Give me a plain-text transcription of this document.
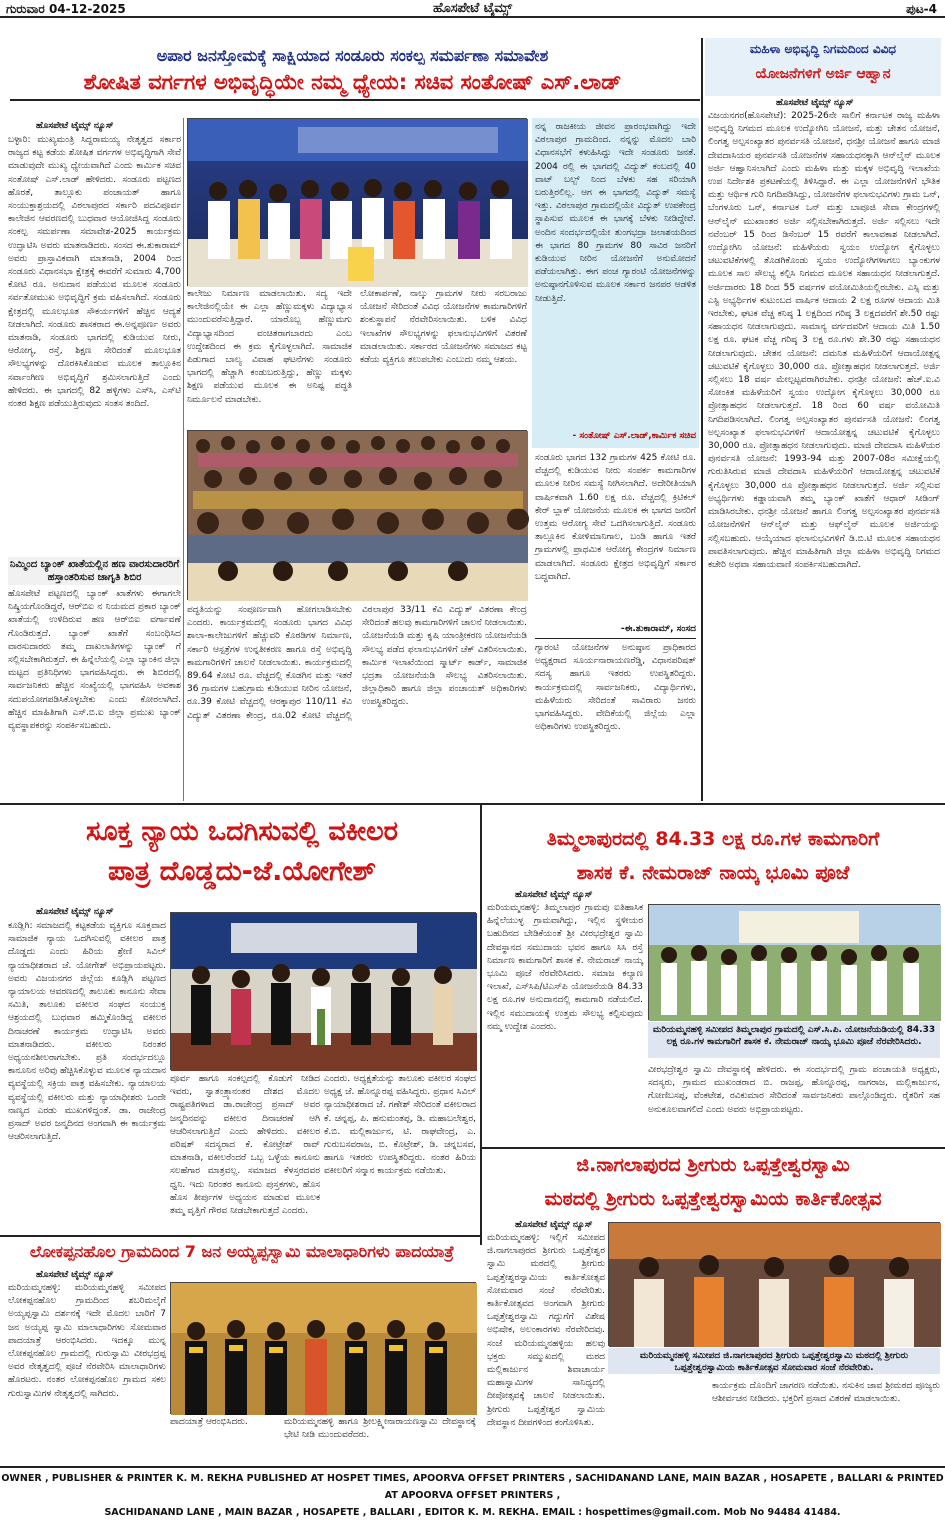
ಹೊಸಪೇಟೆ ಟೈಮ್ಸ್
ಗುರುವಾರ 04-12-2025	ಪುಟ-4
ಅಪಾರ ಜನಸ್ತೋಮಕ್ಕೆ ಸಾಕ್ಷಿಯಾದ ಸಂಡೂರು ಸಂಕಲ್ಪ ಸಮರ್ಪಣಾ ಸಮಾವೇಶ
ಶೋಷಿತ ವರ್ಗಗಳ ಅಭಿವೃದ್ಧಿಯೇ ನಮ್ಮ ಧ್ಯೇಯ: ಸಚಿವ ಸಂತೋಷ್ ಎಸ್.ಲಾಡ್
ಹೊಸಪೇಟೆ ಟೈಮ್ಸ್ ನ್ಯೂಸ್
ಬಳ್ಳಾರಿ: ಮುಖ್ಯಮಂತ್ರಿ ಸಿದ್ದರಾಮಯ್ಯ ನೇತೃತ್ವದ ಸರ್ಕಾರ ರಾಜ್ಯದ ಕಟ್ಟ ಕಡೆಯ ಶೋಷಿತ ವರ್ಗಗಳ ಅಭಿವೃದ್ಧಿಗಾಗಿ ಸೇವೆ ಮಾಡುವುದೇ ಮುಖ್ಯ ಧ್ಯೇಯವಾಗಿದೆ ಎಂದು ಕಾರ್ಮಿಕ ಸಚಿವ ಸಂತೋಷ್ ಎಸ್.ಲಾಡ್ ಹೇಳಿದರು. ಸಂಡೂರು ಪಟ್ಟಣದ ಹೊರತೆ, ತಾಲ್ಲೂಕು ಪಂಚಾಯತ್ ಹಾಗೂ ಸಂಯುಕ್ತಾಶ್ರಯದಲ್ಲಿ ವಿಠಲಾಪುರದ ಸರ್ಕಾರಿ ಪದವಿಪೂರ್ವ ಕಾಲೇಜಿನ ಆವರಣದಲ್ಲಿ ಬುಧವಾರ ಆಯೋಜಿಸಿದ್ದ ಸಂಡೂರು ಸಂಕಲ್ಪ ಸಮರ್ಪಣಾ ಸಮಾವೇಶ-2025 ಕಾರ್ಯಕ್ರಮ ಉದ್ಘಾಟಿಸಿ ಅವರು ಮಾತನಾಡಿದರು. ಸಂಸದ ಈ.ತುಕಾರಾಮ್ ಅವರು ಪ್ರಾಸ್ತಾವಿಕವಾಗಿ ಮಾತನಾಡಿ, 2004 ರಿಂದ ಸಂಡೂರು ವಿಧಾನಸಭಾ ಕ್ಷೇತ್ರಕ್ಕೆ ಈವರೆಗೆ ಸುಮಾರು 4,700 ಕೋಟಿ ರೂ. ಅನುದಾನ ಪಡೆಯುವ ಮೂಲಕ ಸಂಡೂರು ಸರ್ವತೋಮುಖ ಅಭಿವೃದ್ಧಿಗೆ ಕ್ರಮ ವಹಿಸಲಾಗಿದೆ. ಸಂಡೂರು ಕ್ಷೇತ್ರದಲ್ಲಿ ಮೂಲಭೂತ ಸೌಕರ್ಯಗಳಿಗೆ ಹೆಚ್ಚಿನ ಆದ್ಯತೆ ನೀಡಲಾಗಿದೆ. ಸಂಡೂರು ಶಾಸಕರಾದ ಈ.ಅನ್ನಪೂರ್ಣ ಅವರು ಮಾತನಾಡಿ, ಸಂಡೂರು ಭಾಗದಲ್ಲಿ ಕುಡಿಯುವ ನೀರು, ಆರೋಗ್ಯ, ರಸ್ತೆ, ಶಿಕ್ಷಣ ಸೇರಿದಂತೆ ಮೂಲಭೂತ ಸೌಲಭ್ಯಗಳನ್ನು ದೊರಕಿಸಿಕೊಡುವ ಮೂಲಕ ತಾಲ್ಲೂಕಿನ ಸರ್ವಾಂಗೀಣ ಅಭಿವೃದ್ಧಿಗೆ ಶ್ರಮಿಸಲಾಗುತ್ತಿದೆ ಎಂದು ಹೇಳಿದರು. ಈ ಭಾಗದಲ್ಲಿ 82 ಹಳ್ಳಿಗಳು ಎಸ್‍ಸಿ, ಎಸ್‍ಟಿ ನಂತರ ಶಿಕ್ಷಣ ಪಡೆಯುತ್ತಿರುವುದು ಸಂತಸ ತಂದಿದೆ.
ಕಾಲೇಜು ನಿರ್ಮಾಣ ಮಾಡಲಾಯಿತು. ಸದ್ಯ ಇದೇ ಕಾಲೇಜಿನಲ್ಲಿಯೇ ಈ ಎಲ್ಲಾ ಹೆಣ್ಣುಮಕ್ಕಳು ವಿದ್ಯಾಭ್ಯಾಸ ಮುಂದುವರೆಸುತ್ತಿದ್ದಾರೆ. ಯಾರೊಬ್ಬ ಹೆಣ್ಣುಮಗು ವಿದ್ಯಾಭ್ಯಾಸದಿಂದ ವಂಚಿತರಾಗಬಾರದು ಎಂಬ ಉದ್ದೇಶದಿಂದ ಈ ಕ್ರಮ ಕೈಗೊಳ್ಳಲಾಗಿದೆ. ಸಾಮಾಜಿಕ ಪಿಡುಗಾದ ಬಾಲ್ಯ ವಿವಾಹ ಘಟನೆಗಳು ಸಂಡೂರು ಭಾಗದಲ್ಲಿ ಹೆಚ್ಚಾಗಿ ಕಂಡುಬರುತ್ತಿದ್ದು, ಹೆಣ್ಣು ಮಕ್ಕಳು ಶಿಕ್ಷಣ ಪಡೆಯುವ ಮೂಲಕ ಈ ಅನಿಷ್ಟ ಪದ್ಧತಿ ನಿರ್ಮೂಲನೆ ಮಾಡಬೇಕು.
ಲೋಕಾರ್ಪಣೆ, ನಾಲ್ಕು ಗ್ರಾಮಗಳ ನೀರು ಸರಬರಾಜು ಯೋಜನೆ ಸೇರಿದಂತೆ ವಿವಿಧ ಯೋಜನೆಗಳ ಕಾಮಗಾರಿಗಳಿಗೆ ಶಂಕುಸ್ಥಾಪನೆ ನೆರವೇರಿಸಲಾಯಿತು. ಬಳಿಕ ವಿವಿಧ ಇಲಾಖೆಗಳ ಸೌಲಭ್ಯಗಳನ್ನು ಫಲಾನುಭವಿಗಳಿಗೆ ವಿತರಣೆ ಮಾಡಲಾಯಿತು. ಸರ್ಕಾರದ ಯೋಜನೆಗಳು ಸಮಾಜದ ಕಟ್ಟ ಕಡೆಯ ವ್ಯಕ್ತಿಗೂ ತಲುಪಬೇಕು ಎಂಬುದು ನಮ್ಮ ಆಶಯ.
ಪದ್ಧತಿಯನ್ನು ಸಂಪೂರ್ಣವಾಗಿ ಹೋಗಲಾಡಿಸಬೇಕು ಎಂದರು. ಕಾರ್ಯಕ್ರಮದಲ್ಲಿ ಸಂಡೂರು ಭಾಗದ ವಿವಿಧ ಶಾಲಾ-ಕಾಲೇಜುಗಳಿಗೆ ಹೆಚ್ಚುವರಿ ಕೊಠಡಿಗಳ ನಿರ್ಮಾಣ, ಸರ್ಕಾರಿ ಆಸ್ಪತ್ರೆಗಳ ಉನ್ನತೀಕರಣ ಹಾಗೂ ರಸ್ತೆ ಅಭಿವೃದ್ಧಿ ಕಾಮಗಾರಿಗಳಿಗೆ ಚಾಲನೆ ನೀಡಲಾಯಿತು. ಕಾರ್ಯಕ್ರಮದಲ್ಲಿ 89.64 ಕೋಟಿ ರೂ. ವೆಚ್ಚದಲ್ಲಿ ಕೊಡಗಿನ ಮತ್ತು ಇತರೆ 36 ಗ್ರಾಮಗಳ ಬಹುಗ್ರಾಮ ಕುಡಿಯುವ ನೀರಿನ ಯೋಜನೆ, ರೂ.39 ಕೋಟಿ ವೆಚ್ಚದಲ್ಲಿ ಆರಕ್ಕಾಪುರ 110/11 ಕೆವಿ ವಿದ್ಯುತ್ ವಿತರಣಾ ಕೇಂದ್ರ, ರೂ.02 ಕೋಟಿ ವೆಚ್ಚದಲ್ಲಿ ವಿಠಲಾಪುರ 33/11 ಕೆವಿ ವಿದ್ಯುತ್ ವಿತರಣಾ ಕೇಂದ್ರ ಸೇರಿದಂತೆ ಹಲವು ಕಾಮಗಾರಿಗಳಿಗೆ ಚಾಲನೆ ನೀಡಲಾಯಿತು. ಯೋಜನೆಯಡಿ ಮತ್ತು ಕೃಷಿ ಯಾಂತ್ರೀಕರಣ ಯೋಜನೆಯಡಿ ಸೌಲಭ್ಯ ಪಡೆದ ಫಲಾನುಭವಿಗಳಿಗೆ ಚೆಕ್ ವಿತರಿಸಲಾಯಿತು. ಕಾರ್ಮಿಕ ಇಲಾಖೆಯಿಂದ ಸ್ಮಾರ್ಟ್ ಕಾರ್ಡ್, ಸಾಮಾಜಿಕ ಭದ್ರತಾ ಯೋಜನೆಯಡಿ ಸೌಲಭ್ಯ ವಿತರಿಸಲಾಯಿತು. ಜಿಲ್ಲಾಧಿಕಾರಿ ಹಾಗೂ ಜಿಲ್ಲಾ ಪಂಚಾಯತ್ ಅಧಿಕಾರಿಗಳು ಉಪಸ್ಥಿತರಿದ್ದರು.
ನನ್ನ ರಾಜಕೀಯ ಜೀವನ ಪ್ರಾರಂಭವಾಗಿದ್ದು ಇದೇ ವಿಠಲಾಪುರ ಗ್ರಾಮದಿಂದ. ನನ್ನನ್ನು ಮೊದಲ ಬಾರಿ ವಿಧಾನಸಭೆಗೆ ಕಳುಹಿಸಿದ್ದು ಇದೇ ಸಂಡೂರು ಜನತೆ. 2004 ರಲ್ಲಿ ಈ ಭಾಗದಲ್ಲಿ ವಿದ್ಯುತ್ ಕಂಬದಲ್ಲಿ 40 ವಾಟ್ ಬಲ್ಬ್ ನಿಂದ ಬೆಳಕು ಸಹ ಸರಿಯಾಗಿ ಬರುತ್ತಿರಲಿಲ್ಲ. ಆಗ ಈ ಭಾಗದಲ್ಲಿ ವಿದ್ಯುತ್ ಸಮಸ್ಯೆ ಇತ್ತು. ವಿಠಲಾಪುರ ಗ್ರಾಮದಲ್ಲಿಯೇ ವಿದ್ಯುತ್ ಉಪಕೇಂದ್ರ ಸ್ಥಾಪಿಸುವ ಮೂಲಕ ಈ ಭಾಗಕ್ಕೆ ಬೆಳಕು ನೀಡಿದ್ದೇವೆ. ಅಂದಿನ ಸಂದರ್ಭದಲ್ಲಿಯೇ ತುಂಗಭದ್ರಾ ಜಲಾಶಯದಿಂದ ಈ ಭಾಗದ 80 ಗ್ರಾಮಗಳ 80 ಸಾವಿರ ಜನರಿಗೆ ಕುಡಿಯುವ ನೀರಿನ ಯೋಜನೆಗೆ ಅನುಮೋದನೆ ಪಡೆಯಲಾಗಿತ್ತು. ಈಗ ಪಂಚ ಗ್ಯಾರಂಟಿ ಯೋಜನೆಗಳನ್ನು ಅನುಷ್ಠಾನಗೊಳಿಸುವ ಮೂಲಕ ಸರ್ಕಾರ ಜನಪರ ಆಡಳಿತ ನೀಡುತ್ತಿದೆ.
- ಸಂತೋಷ್ ಎಸ್.ಲಾಡ್,ಕಾರ್ಮಿಕ ಸಚಿವ
ಸಂಡೂರು ಭಾಗದ 132 ಗ್ರಾಮಗಳ 425 ಕೋಟಿ ರೂ. ವೆಚ್ಚದಲ್ಲಿ ಕುಡಿಯುವ ನೀರು ಸಂಪರ್ಕ ಕಾಮಗಾರಿಗಳ ಮೂಲಕ ನೀರಿನ ಸಮಸ್ಯೆ ನೀಗಿಸಲಾಗಿದೆ. ಅದೇರೀತಿಯಾಗಿ ವಾರ್ಷಿಕವಾಗಿ 1.60 ಲಕ್ಷ ರೂ. ವೆಚ್ಚದಲ್ಲಿ ಕ್ರಿಟಿಕಲ್ ಕೇರ್ ಬ್ಲಾಕ್ ಯೋಜನೆಯ ಮೂಲಕ ಈ ಭಾಗದ ಜನರಿಗೆ ಉತ್ತಮ ಆರೋಗ್ಯ ಸೇವೆ ಒದಗಿಸಲಾಗುತ್ತಿದೆ. ಸಂಡೂರು ತಾಲ್ಲೂಕಿನ ಕೋಳಿಮಾನಿಗಾಲ, ಬಂಡಿ ಹಾಗೂ ಇತರೆ ಗ್ರಾಮಗಳಲ್ಲಿ ಪ್ರಾಥಮಿಕ ಆರೋಗ್ಯ ಕೇಂದ್ರಗಳ ನಿರ್ಮಾಣ ಮಾಡಲಾಗಿದೆ. ಸಂಡೂರು ಕ್ಷೇತ್ರದ ಅಭಿವೃದ್ಧಿಗೆ ಸರ್ಕಾರ ಬದ್ಧವಾಗಿದೆ.
-ಈ.ತುಕಾರಾಮ್, ಸಂಸದ
ಗ್ಯಾರಂಟಿ ಯೋಜನೆಗಳ ಅನುಷ್ಠಾನ ಪ್ರಾಧಿಕಾರದ ಅಧ್ಯಕ್ಷರಾದ ಸೂರ್ಯನಾರಾಯಣರೆಡ್ಡಿ, ವಿಧಾನಪರಿಷತ್ ಸದಸ್ಯ ಹಾಗೂ ಇತರರು ಉಪಸ್ಥಿತರಿದ್ದರು. ಕಾರ್ಯಕ್ರಮದಲ್ಲಿ ಸಾರ್ವಜನಿಕರು, ವಿದ್ಯಾರ್ಥಿಗಳು, ಮಹಿಳೆಯರು ಸೇರಿದಂತೆ ಸಾವಿರಾರು ಜನರು ಭಾಗವಹಿಸಿದ್ದರು. ವೇದಿಕೆಯಲ್ಲಿ ಜಿಲ್ಲೆಯ ಎಲ್ಲಾ ಅಧಿಕಾರಿಗಳು ಉಪಸ್ಥಿತರಿದ್ದರು.
ನಿಮ್ಮಿಂದ ಬ್ಯಾಂಕ್ ಖಾತೆಯಲ್ಲಿನ ಹಣ ವಾರಸುದಾರರಿಗೆ ಹಸ್ತಾಂತರಿಸುವ ಜಾಗೃತಿ ಶಿಬಿರ
ಹೊಸಪೇಟೆ ಪಟ್ಟಣದಲ್ಲಿ ಬ್ಯಾಂಕ್ ಖಾತೆಗಳು ಈಗಾಗಲೇ ನಿಷ್ಕ್ರಿಯಗೊಂಡಿದ್ದರೆ, ಆರ್‌ಬಿಐ ನ ನಿಯಮದ ಪ್ರಕಾರ ಬ್ಯಾಂಕ್ ಖಾತೆಯಲ್ಲಿ ಉಳಿದಿರುವ ಹಣ ಆರ್‌ಬಿಐ ವರ್ಗಾವಣೆ ಗೊಂಡಿರುತ್ತದೆ. ಬ್ಯಾಂಕ್ ಖಾತೆಗೆ ಸಂಬಂಧಿಸಿದ ವಾರಸುದಾರರು ತಮ್ಮ ದಾಖಲಾತಿಗಳನ್ನು ಬ್ಯಾಂಕ್ ಗೆ ಸಲ್ಲಿಸಬೇಕಾಗಿರುತ್ತದೆ. ಈ ಹಿನ್ನೆಲೆಯಲ್ಲಿ ಎಲ್ಲಾ ಬ್ಯಾಂಕಿನ ಜಿಲ್ಲಾ ಮಟ್ಟದ ಪ್ರತಿನಿಧಿಗಳು ಭಾಗವಹಿಸಿದ್ದರು. ಈ ಶಿಬಿರದಲ್ಲಿ ಸಾರ್ವಜನಿಕರು ಹೆಚ್ಚಿನ ಸಂಖ್ಯೆಯಲ್ಲಿ ಭಾಗವಹಿಸಿ ಅವಕಾಶ ಸದುಪಯೋಗಪಡಿಸಿಕೊಳ್ಳಬೇಕು ಎಂದು ಕೋರಲಾಗಿದೆ. ಹೆಚ್ಚಿನ ಮಾಹಿತಿಗಾಗಿ ಎಸ್.ಬಿ.ಐ ಜಿಲ್ಲಾ ಪ್ರಮುಖ ಬ್ಯಾಂಕ್ ವ್ಯವಸ್ಥಾಪಕರನ್ನು ಸಂಪರ್ಕಿಸಬಹುದು.
ಮಹಿಳಾ ಅಭಿವೃದ್ಧಿ ನಿಗಮದಿಂದ ವಿವಿಧ
ಯೋಜನೆಗಳಿಗೆ ಅರ್ಜಿ ಆಹ್ವಾನ
ಹೊಸಪೇಟೆ ಟೈಮ್ಸ್ ನ್ಯೂಸ್
ವಿಜಯನಗರ(ಹೊಸಪೇಟೆ): 2025-26ನೇ ಸಾಲಿಗೆ ಕರ್ನಾಟಕ ರಾಜ್ಯ ಮಹಿಳಾ ಅಭಿವೃದ್ಧಿ ನಿಗಮದ ಮೂಲಕ ಉದ್ಯೋಗಿನಿ ಯೋಜನೆ, ಮತ್ತು ಚೇತನ ಯೋಜನೆ, ಲಿಂಗತ್ವ ಅಲ್ಪಸಂಖ್ಯಾತರ ಪುನರ್ವಸತಿ ಯೋಜನೆ, ಧನಶ್ರೀ ಯೋಜನೆ ಹಾಗೂ ಮಾಜಿ ದೇವದಾಸಿಯರ ಪುನರ್ವಸತಿ ಯೋಜನೆಗಳ ಸಹಾಯಧನಕ್ಕಾಗಿ ಆನ್‌ಲೈನ್ ಮೂಲಕ ಅರ್ಜಿ ಆಹ್ವಾನಿಸಲಾಗಿದೆ ಎಂದು ಮಹಿಳಾ ಮತ್ತು ಮಕ್ಕಳ ಅಭಿವೃದ್ಧಿ ಇಲಾಖೆಯ ಉಪ ನಿರ್ದೇಶಕಿ ಪ್ರಕಟಣೆಯಲ್ಲಿ ತಿಳಿಸಿದ್ದಾರೆ. ಈ ಎಲ್ಲಾ ಯೋಜನೆಗಳಿಗೆ ಭೌತಿಕ ಮತ್ತು ಆರ್ಥಿಕ ಗುರಿ ನಿಗದಿಪಡಿಸಿದ್ದು, ಯೋಜನೆಗಳ ಫಲಾನುಭವಿಗಳು ಗ್ರಾಮ ಒನ್, ಬೆಂಗಳೂರು ಒನ್, ಕರ್ನಾಟಕ ಒನ್ ಮತ್ತು ಬಾಪೂಜಿ ಸೇವಾ ಕೇಂದ್ರಗಳಲ್ಲಿ ಆನ್‌ಲೈನ್ ಮುಖಾಂತರ ಅರ್ಜಿ ಸಲ್ಲಿಸಬೇಕಾಗಿರುತ್ತದೆ. ಅರ್ಜಿ ಸಲ್ಲಿಸಲು ಇದೇ ನವೆಂಬರ್ 15 ರಿಂದ ಡಿಸೆಂಬರ್ 15 ರವರೆಗೆ ಕಾಲಾವಕಾಶ ನೀಡಲಾಗಿದೆ. ಉದ್ಯೋಗಿನಿ ಯೋಜನೆ: ಮಹಿಳೆಯರು ಸ್ವಯಂ ಉದ್ಯೋಗ ಕೈಗೊಳ್ಳಲು ಚಟುವಟಿಕೆಗಳಲ್ಲಿ ತೊಡಗಿಕೊಂಡು ಸ್ವಯಂ ಉದ್ಯೋಗಿಗಳಾಗಲು ಬ್ಯಾಂಕುಗಳ ಮೂಲಕ ಸಾಲ ಸೌಲಭ್ಯ ಕಲ್ಪಿಸಿ ನಿಗಮದ ಮೂಲಕ ಸಹಾಯಧನ ನೀಡಲಾಗುತ್ತದೆ. ಅರ್ಜಿದಾರರು 18 ರಿಂದ 55 ವರ್ಷಗಳ ವಯೋಮಿತಿಯಲ್ಲಿರಬೇಕು. ಎಸ್ಸಿ ಮತ್ತು ಎಸ್ಟಿ ಅಭ್ಯರ್ಥಿಗಳ ಕುಟುಂಬದ ವಾರ್ಷಿಕ ಆದಾಯ 2 ಲಕ್ಷ ರೂಗಳ ಆದಾಯ ಮಿತಿ ಇರಬೇಕು, ಘಟಕ ವೆಚ್ಚ ಕನಿಷ್ಠ 1 ಲಕ್ಷದಿಂದ ಗರಿಷ್ಠ 3 ಲಕ್ಷದವರೆಗೆ ಶೇ.50 ರಷ್ಟು ಸಹಾಯಧನ ನೀಡಲಾಗುವುದು. ಸಾಮಾನ್ಯ ವರ್ಗದವರಿಗೆ ಆದಾಯ ಮಿತಿ 1.50 ಲಕ್ಷ ರೂ. ಘಟಕ ವೆಚ್ಚ ಗರಿಷ್ಠ 3 ಲಕ್ಷ ರೂ.ಗಳು ಶೇ.30 ರಷ್ಟು ಸಹಾಯಧನ ನೀಡಲಾಗುವುದು. ಚೇತನ ಯೋಜನೆ: ದಮನಿತ ಮಹಿಳೆಯರಿಗೆ ಆದಾಯೋತ್ಪನ್ನ ಚಟುವಟಿಕೆ ಕೈಗೊಳ್ಳಲು 30,000 ರೂ. ಪ್ರೋತ್ಸಾಹಧನ ನೀಡಲಾಗುತ್ತದೆ. ಅರ್ಜಿ ಸಲ್ಲಿಸಲು 18 ವರ್ಷ ಮೇಲ್ಪಟ್ಟವರಾಗಿರಬೇಕು. ಧನಶ್ರೀ ಯೋಜನೆ: ಹೆಚ್.ಐ.ವಿ ಸೋಂಕಿತ ಮಹಿಳೆಯರಿಗೆ ಸ್ವಯಂ ಉದ್ಯೋಗ ಕೈಗೊಳ್ಳಲು 30,000 ರೂ ಪ್ರೋತ್ಸಾಹಧನ ನೀಡಲಾಗುತ್ತದೆ. 18 ರಿಂದ 60 ವರ್ಷ ವಯೋಮಿತಿ ನಿಗದಿಪಡಿಸಲಾಗಿದೆ. ಲಿಂಗತ್ವ ಅಲ್ಪಸಂಖ್ಯಾತರ ಪುನರ್ವಸತಿ ಯೋಜನೆ: ಲಿಂಗತ್ವ ಅಲ್ಪಸಂಖ್ಯಾತ ಫಲಾನುಭವಿಗಳಿಗೆ ಆದಾಯೋತ್ಪನ್ನ ಚಟುವಟಿಕೆ ಕೈಗೊಳ್ಳಲು 30,000 ರೂ. ಪ್ರೋತ್ಸಾಹಧನ ನೀಡಲಾಗುವುದು. ಮಾಜಿ ದೇವದಾಸಿ ಮಹಿಳೆಯರ ಪುನರ್ವಸತಿ ಯೋಜನೆ: 1993-94 ಮತ್ತು 2007-08ರ ಸಮೀಕ್ಷೆಯಲ್ಲಿ ಗುರುತಿಸಿರುವ ಮಾಜಿ ದೇವದಾಸಿ ಮಹಿಳೆಯರಿಗೆ ಆದಾಯೋತ್ಪನ್ನ ಚಟುವಟಿಕೆ ಕೈಗೊಳ್ಳಲು 30,000 ರೂ ಪ್ರೋತ್ಸಾಹಧನ ನೀಡಲಾಗುತ್ತದೆ. ಅರ್ಜಿ ಸಲ್ಲಿಸುವ ಅಭ್ಯರ್ಥಿಗಳು ಕಡ್ಡಾಯವಾಗಿ ತಮ್ಮ ಬ್ಯಾಂಕ್ ಖಾತೆಗೆ ಆಧಾರ್ ಸೀಡಿಂಗ್ ಮಾಡಿಸಿರಬೇಕು. ಧನಶ್ರೀ ಯೋಜನೆ ಹಾಗೂ ಲಿಂಗತ್ವ ಅಲ್ಪಸಂಖ್ಯಾತರ ಪುನರ್ವಸತಿ ಯೋಜನೆಗಳಿಗೆ ಆನ್‌ಲೈನ್ ಮತ್ತು ಆಫ್‌ಲೈನ್ ಮೂಲಕ ಅರ್ಜಿಯನ್ನು ಸಲ್ಲಿಸಬಹುದು. ಆಯ್ಕೆಯಾದ ಫಲಾನುಭವಿಗಳಿಗೆ ಡಿ.ಬಿ.ಟಿ ಮೂಲಕ ಸಹಾಯಧನ ಪಾವತಿಸಲಾಗುವುದು. ಹೆಚ್ಚಿನ ಮಾಹಿತಿಗಾಗಿ ಜಿಲ್ಲಾ ಮಹಿಳಾ ಅಭಿವೃದ್ಧಿ ನಿಗಮದ ಕಚೇರಿ ಅಥವಾ ಸಹಾಯವಾಣಿ ಸಂಪರ್ಕಿಸಬಹುದಾಗಿದೆ.
ಸೂಕ್ತ ನ್ಯಾಯ ಒದಗಿಸುವಲ್ಲಿ ವಕೀಲರ
ಪಾತ್ರ ದೊಡ್ಡದು-ಜೆ.ಯೋಗೇಶ್
ಹೊಸಪೇಟೆ ಟೈಮ್ಸ್ ನ್ಯೂಸ್
ಕೂಡ್ಲಿಗಿ: ಸಮಾಜದಲ್ಲಿ ಕಟ್ಟಕಡೆಯ ವ್ಯಕ್ತಿಗೂ ಸೂಕ್ತವಾದ ಸಾಮಾಜಿಕ ನ್ಯಾಯ ಒದಗಿಸುವಲ್ಲಿ ವಕೀಲರ ಪಾತ್ರ ದೊಡ್ಡದು ಎಂದು ಹಿರಿಯ ಶ್ರೇಣಿ ಸಿವಿಲ್ ನ್ಯಾಯಾಧೀಶರಾದ ಜೆ. ಯೋಗೇಶ್ ಅಭಿಪ್ರಾಯಪಟ್ಟರು. ಅವರು ವಿಜಯನಗರ ಜಿಲ್ಲೆಯ ಕೂಡ್ಲಿಗಿ ಪಟ್ಟಣದ ನ್ಯಾಯಾಲಯ ಆವರಣದಲ್ಲಿ ತಾಲೂಕು ಕಾನೂನು ಸೇವಾ ಸಮಿತಿ, ತಾಲೂಕು ವಕೀಲರ ಸಂಘದ ಸಂಯುಕ್ತ ಆಶ್ರಯದಲ್ಲಿ ಬುಧವಾರ ಹಮ್ಮಿಕೊಂಡಿದ್ದ ವಕೀಲರ ದಿನಾಚರಣೆ ಕಾರ್ಯಕ್ರಮ ಉದ್ಘಾಟಿಸಿ ಅವರು ಮಾತನಾಡಿದರು. ವಕೀಲರು ನಿರಂತರ ಅಧ್ಯಯನಶೀಲರಾಗಬೇಕು. ಪ್ರತಿ ಸಂದರ್ಭದಲ್ಲೂ ಕಾನೂನಿನ ಅರಿವು ಹೆಚ್ಚಿಸಿಕೊಳ್ಳುವ ಮೂಲಕ ನ್ಯಾಯದಾನ ವ್ಯವಸ್ಥೆಯಲ್ಲಿ ಸಕ್ರಿಯ ಪಾತ್ರ ವಹಿಸಬೇಕು. ನ್ಯಾಯಾಲಯ ವ್ಯವಸ್ಥೆಯಲ್ಲಿ ವಕೀಲರು ಮತ್ತು ನ್ಯಾಯಾಧೀಶರು ಒಂದೇ ನಾಣ್ಯದ ಎರಡು ಮುಖಗಳಿದ್ದಂತೆ. ಡಾ. ರಾಜೇಂದ್ರ ಪ್ರಸಾದ್ ಅವರ ಜನ್ಮದಿನದ ಅಂಗವಾಗಿ ಈ ಕಾರ್ಯಕ್ರಮ ಆಚರಿಸಲಾಗುತ್ತಿದೆ.
ಪೂರ್ವ ಹಾಗೂ ಸಂಕಲ್ಪದಲ್ಲಿ ಕೊಡುಗೆ ನೀಡಿದ ಇವರು, ಸ್ವಾತಂತ್ರ್ಯಾನಂತರ ದೇಶದ ಮೊದಲ ರಾಷ್ಟ್ರಪತಿಗಳಾದ ಡಾ.ರಾಜೇಂದ್ರ ಪ್ರಸಾದ್ ಅವರ ಜನ್ಮದಿನವನ್ನು ವಕೀಲರ ದಿನಾಚರಣೆ ಆಗಿ ಆಚರಿಸಲಾಗುತ್ತಿದೆ ಎಂದು ಹೇಳಿದರು. ವಕೀಲರ ಪರಿಷತ್ ಸದಸ್ಯರಾದ ಕೆ. ಕೋಟ್ರೇಶ್ ರಾವ್ ಮಾತನಾಡಿ, ವಕೀಲರೆಂದರೆ ಒಬ್ಬ ಒಳ್ಳೆಯ ಕಾನೂನು ಸಲಹೆಗಾರ ಮಾತ್ರವಲ್ಲ. ಸಮಾಜದ ಕೆಳಸ್ತರದವರ ಧ್ವನಿ. ಇದು ನಿರಂತರ ಕಾನೂನು ಪುಸ್ತಕಗಳು, ಹೊಸ ಹೊಸ ತೀರ್ಪುಗಳ ಅಧ್ಯಯನ ಮಾಡುವ ಮೂಲಕ ತಮ್ಮ ವೃತ್ತಿಗೆ ಗೌರವ ನೀಡಬೇಕಾಗುತ್ತದೆ ಎಂದರು.
ಎಂದರು. ಅಧ್ಯಕ್ಷತೆಯನ್ನು ತಾಲೂಕು ವಕೀಲರ ಸಂಘದ ಅಧ್ಯಕ್ಷ ಜೆ. ಹೊನ್ನೂರಪ್ಪ ವಹಿಸಿದ್ದರು. ಪ್ರಧಾನ ಸಿವಿಲ್ ನ್ಯಾಯಾಧೀಶರಾದ ಜೆ. ಗಣೇಶ್ ಸೇರಿದಂತೆ ವಕೀಲರಾದ ಕೆ. ಚನ್ನಪ್ಪ, ಪಿ. ಹನುಮಂತಪ್ಪ, ಡಿ. ಮಹಾಬಲೇಶ್ವರ, ಕೆ.ಬಿ. ಮಲ್ಲಿಕಾರ್ಜುನ, ಟಿ. ರಾಘವೇಂದ್ರ, ಎ. ಗುರುಬಸವರಾಜ, ಬಿ. ಕೊಟ್ರೇಶ್, ಡಿ. ಚನ್ನಬಸವ, ಹಾಗೂ ಇತರರು ಉಪಸ್ಥಿತರಿದ್ದರು. ನಂತರ ಹಿರಿಯ ವಕೀಲರಿಗೆ ಸನ್ಮಾನ ಕಾರ್ಯಕ್ರಮ ನಡೆಯಿತು.
ತಿಮ್ಮಲಾಪುರದಲ್ಲಿ 84.33 ಲಕ್ಷ ರೂ.ಗಳ ಕಾಮಗಾರಿಗೆ
ಶಾಸಕ ಕೆ. ನೇಮರಾಜ್ ನಾಯ್ಕ ಭೂಮಿ ಪೂಜೆ
ಹೊಸಪೇಟೆ ಟೈಮ್ಸ್ ನ್ಯೂಸ್
ಮರಿಯಮ್ಮನಹಳ್ಳಿ: ತಿಮ್ಮಲಾಪುರ ಗ್ರಾಮವು ಐತಿಹಾಸಿಕ ಹಿನ್ನೆಲೆಯುಳ್ಳ ಗ್ರಾಮವಾಗಿದ್ದು, ಇಲ್ಲಿನ ಸ್ಥಳೀಯರ ಬಹುದಿನದ ಬೇಡಿಕೆಯಂತೆ ಶ್ರೀ ವೀರಭದ್ರೇಶ್ವರ ಸ್ವಾಮಿ ದೇವಸ್ಥಾನದ ಸಮುದಾಯ ಭವನ ಹಾಗೂ ಸಿಸಿ ರಸ್ತೆ ನಿರ್ಮಾಣ ಕಾಮಗಾರಿಗೆ ಶಾಸಕ ಕೆ. ನೇಮರಾಜ್ ನಾಯ್ಕ ಭೂಮಿ ಪೂಜೆ ನೆರವೇರಿಸಿದರು. ಸಮಾಜ ಕಲ್ಯಾಣ ಇಲಾಖೆ, ಎಸ್‌ಸಿಪಿ/ಟಿಎಸ್‌ಪಿ ಯೋಜನೆಯಡಿ 84.33 ಲಕ್ಷ ರೂ.ಗಳ ಅನುದಾನದಲ್ಲಿ ಕಾಮಗಾರಿ ನಡೆಯಲಿದೆ. ಇಲ್ಲಿನ ಸಮುದಾಯಕ್ಕೆ ಉತ್ತಮ ಸೌಲಭ್ಯ ಕಲ್ಪಿಸುವುದು ನಮ್ಮ ಉದ್ದೇಶ ಎಂದರು.	ಮರಿಯಮ್ಮನಹಳ್ಳಿ ಸಮೀಪದ ತಿಮ್ಮಲಾಪುರ ಗ್ರಾಮದಲ್ಲಿ ಎಸ್.ಸಿ.ಪಿ. ಯೋಜನೆಯಡಿಯಲ್ಲಿ 84.33 ಲಕ್ಷ ರೂ.ಗಳ ಕಾಮಗಾರಿಗೆ ಶಾಸಕ ಕೆ. ನೇಮರಾಜ್ ನಾಯ್ಕ ಭೂಮಿ ಪೂಜೆ ನೆರವೇರಿಸಿದರು.
ವೀರಭದ್ರೇಶ್ವರ ಸ್ವಾಮಿ ದೇವಸ್ಥಾನಕ್ಕೆ ಹೇಳಿದರು. ಈ ಸಂದರ್ಭದಲ್ಲಿ ಗ್ರಾಮ ಪಂಚಾಯತಿ ಅಧ್ಯಕ್ಷರು, ಸದಸ್ಯರು, ಗ್ರಾಮದ ಮುಖಂಡರಾದ ಬಿ. ರಾಜಪ್ಪ, ಹೊನ್ನೂರಪ್ಪ, ನಾಗರಾಜ, ಮಲ್ಲಿಕಾರ್ಜುನ, ಗೋಣಿಬಸಪ್ಪ, ವೆಂಕಟೇಶ, ರವಿಕುಮಾರ ಸೇರಿದಂತೆ ಸಾರ್ವಜನಿಕರು ಪಾಲ್ಗೊಂಡಿದ್ದರು. ರೈತರಿಗೆ ಸಹ ಅನುಕೂಲವಾಗಲಿದೆ ಎಂದು ಅವರು ಅಭಿಪ್ರಾಯಪಟ್ಟರು.
ಜಿ.ನಾಗಲಾಪುರದ ಶ್ರೀಗುರು ಒಪ್ಪತ್ತೇಶ್ವರಸ್ವಾಮಿ
ಮಠದಲ್ಲಿ ಶ್ರೀಗುರು ಒಪ್ಪತ್ತೇಶ್ವರಸ್ವಾಮಿಯ ಕಾರ್ತಿಕೋತ್ಸವ
ಹೊಸಪೇಟೆ ಟೈಮ್ಸ್ ನ್ಯೂಸ್
ಮರಿಯಮ್ಮನಹಳ್ಳಿ: ಇಲ್ಲಿಗೆ ಸಮೀಪದ ಜಿ.ನಾಗಲಾಪುರದ ಶ್ರೀಗುರು ಒಪ್ಪತ್ತೇಶ್ವರ ಸ್ವಾಮಿ ಮಠದಲ್ಲಿ ಶ್ರೀಗುರು ಒಪ್ಪತ್ತೇಶ್ವರಸ್ವಾಮಿಯ ಕಾರ್ತಿಕೋತ್ಸವ ಸೋಮವಾರ ಸಂಜೆ ನೆರವೇರಿತು. ಕಾರ್ತಿಕೋತ್ಸವದ ಅಂಗವಾಗಿ ಶ್ರೀಗುರು ಒಪ್ಪತ್ತೇಶ್ವರಸ್ವಾಮಿ ಗದ್ದುಗೆಗೆ ವಿಶೇಷ ಅಭಿಷೇಕ, ಅಲಂಕಾರಗಳು ನೆರವೇರಿದವು. ಸಂಜೆ ಮರಿಯಮ್ಮನಹಳ್ಳಿಯ ಹಲವು ಭಕ್ತರು ಸಮ್ಮುಖದಲ್ಲಿ ಮಠದ ಮಲ್ಲಿಕಾರ್ಜುನ ಶಿವಾಚಾರ್ಯ ಮಹಾಸ್ವಾಮಿಗಳ ಸಾನಿಧ್ಯದಲ್ಲಿ ದೀಪೋತ್ಸವಕ್ಕೆ ಚಾಲನೆ ನೀಡಲಾಯಿತು. ಶ್ರೀಗುರು ಒಪ್ಪತ್ತೇಶ್ವರ ಸ್ವಾಮಿಯ ದೇವಸ್ಥಾನ ದೀಪಗಳಿಂದ ಕಂಗೊಳಿಸಿತು.
ಮರಿಯಮ್ಮನಹಳ್ಳಿ ಸಮೀಪದ ಜಿ.ನಾಗಲಾಪುರದ ಶ್ರೀಗುರು ಒಪ್ಪತ್ತೇಶ್ವರಸ್ವಾಮಿ ಮಠದಲ್ಲಿ ಶ್ರೀಗುರು ಒಪ್ಪತ್ತೇಶ್ವರಸ್ವಾಮಿಯ ಕಾರ್ತಿಕೋತ್ಸವ ಸೋಮವಾರ ಸಂಜೆ ನೆರವೇರಿತು.
ಕಾರ್ಯಕ್ರಮ ದೊಂದಿಗೆ ಜಾಗರಣ ನಡೆಯಿತು. ನಸುಕಿನ ಜಾವ ಶ್ರೀಮಠದ ಪೂಜ್ಯರು ಆಶೀರ್ವಚನ ನೀಡಿದರು. ಭಕ್ತರಿಗೆ ಪ್ರಸಾದ ವಿತರಣೆ ಮಾಡಲಾಯಿತು.
ಲೋಕಪ್ಪನಹೊಲ ಗ್ರಾಮದಿಂದ 7 ಜನ ಅಯ್ಯಪ್ಪಸ್ವಾಮಿ ಮಾಲಾಧಾರಿಗಳು ಪಾದಯಾತ್ರೆ
ಹೊಸಪೇಟೆ ಟೈಮ್ಸ್ ನ್ಯೂಸ್
ಮರಿಯಮ್ಮನಹಳ್ಳಿ: ಮರಿಯಮ್ಮನಹಳ್ಳಿ ಸಮೀಪದ ಲೋಕಪ್ಪನಹೊಲ ಗ್ರಾಮದಿಂದ ಶಬರಿಮಲೈಗೆ ಅಯ್ಯಪ್ಪಸ್ವಾಮಿ ದರ್ಶನಕ್ಕೆ ಇದೇ ಮೊದಲ ಬಾರಿಗೆ 7 ಜನ ಅಯ್ಯಪ್ಪ ಸ್ವಾಮಿ ಮಾಲಾಧಾರಿಗಳು ಸೋಮವಾರ ಪಾದಯಾತ್ರೆ ಆರಂಭಿಸಿದರು. ಇದಕ್ಕೂ ಮುನ್ನ ಲೋಕಪ್ಪನಹೊಲ ಗ್ರಾಮದಲ್ಲಿ ಗುರುಸ್ವಾಮಿ ವೀರಭದ್ರಪ್ಪ ಅವರ ನೇತೃತ್ವದಲ್ಲಿ ಪೂಜೆ ನೆರವೇರಿಸಿ ಮಾಲಾಧಾರಿಗಳು ಹೊರಟರು. ನಂತರ ಲೋಕಪ್ಪನಹೊಲ ಗ್ರಾಮದ ಸಕಲ ಗುರುಸ್ವಾಮಿಗಳ ನೇತೃತ್ವದಲ್ಲಿ ಸಾಗಿದರು.
ಪಾದಯಾತ್ರೆ ಆರಂಭಿಸಿದರು.	ಮರಿಯಮ್ಮನಹಳ್ಳಿ ಹಾಗೂ ಶ್ರೀಲಕ್ಷ್ಮೀನಾರಾಯಣಸ್ವಾಮಿ ದೇವಸ್ಥಾನಕ್ಕೆ ಭೇಟಿ ನೀಡಿ ಮುಂದುವರೆದರು.
OWNER , PUBLISHER & PRINTER K. M. REKHA PUBLISHED AT HOSPET TIMES, APOORVA OFFSET PRINTERS , SACHIDANAND LANE, MAIN BAZAR , HOSAPETE , BALLARI & PRINTED AT APOORVA OFFSET PRINTERS ,
SACHIDANAND LANE , MAIN BAZAR , HOSAPETE , BALLARI , EDITOR K. M. REKHA. EMAIL : hospettimes@gmail.com. Mob No 94484 41484.
